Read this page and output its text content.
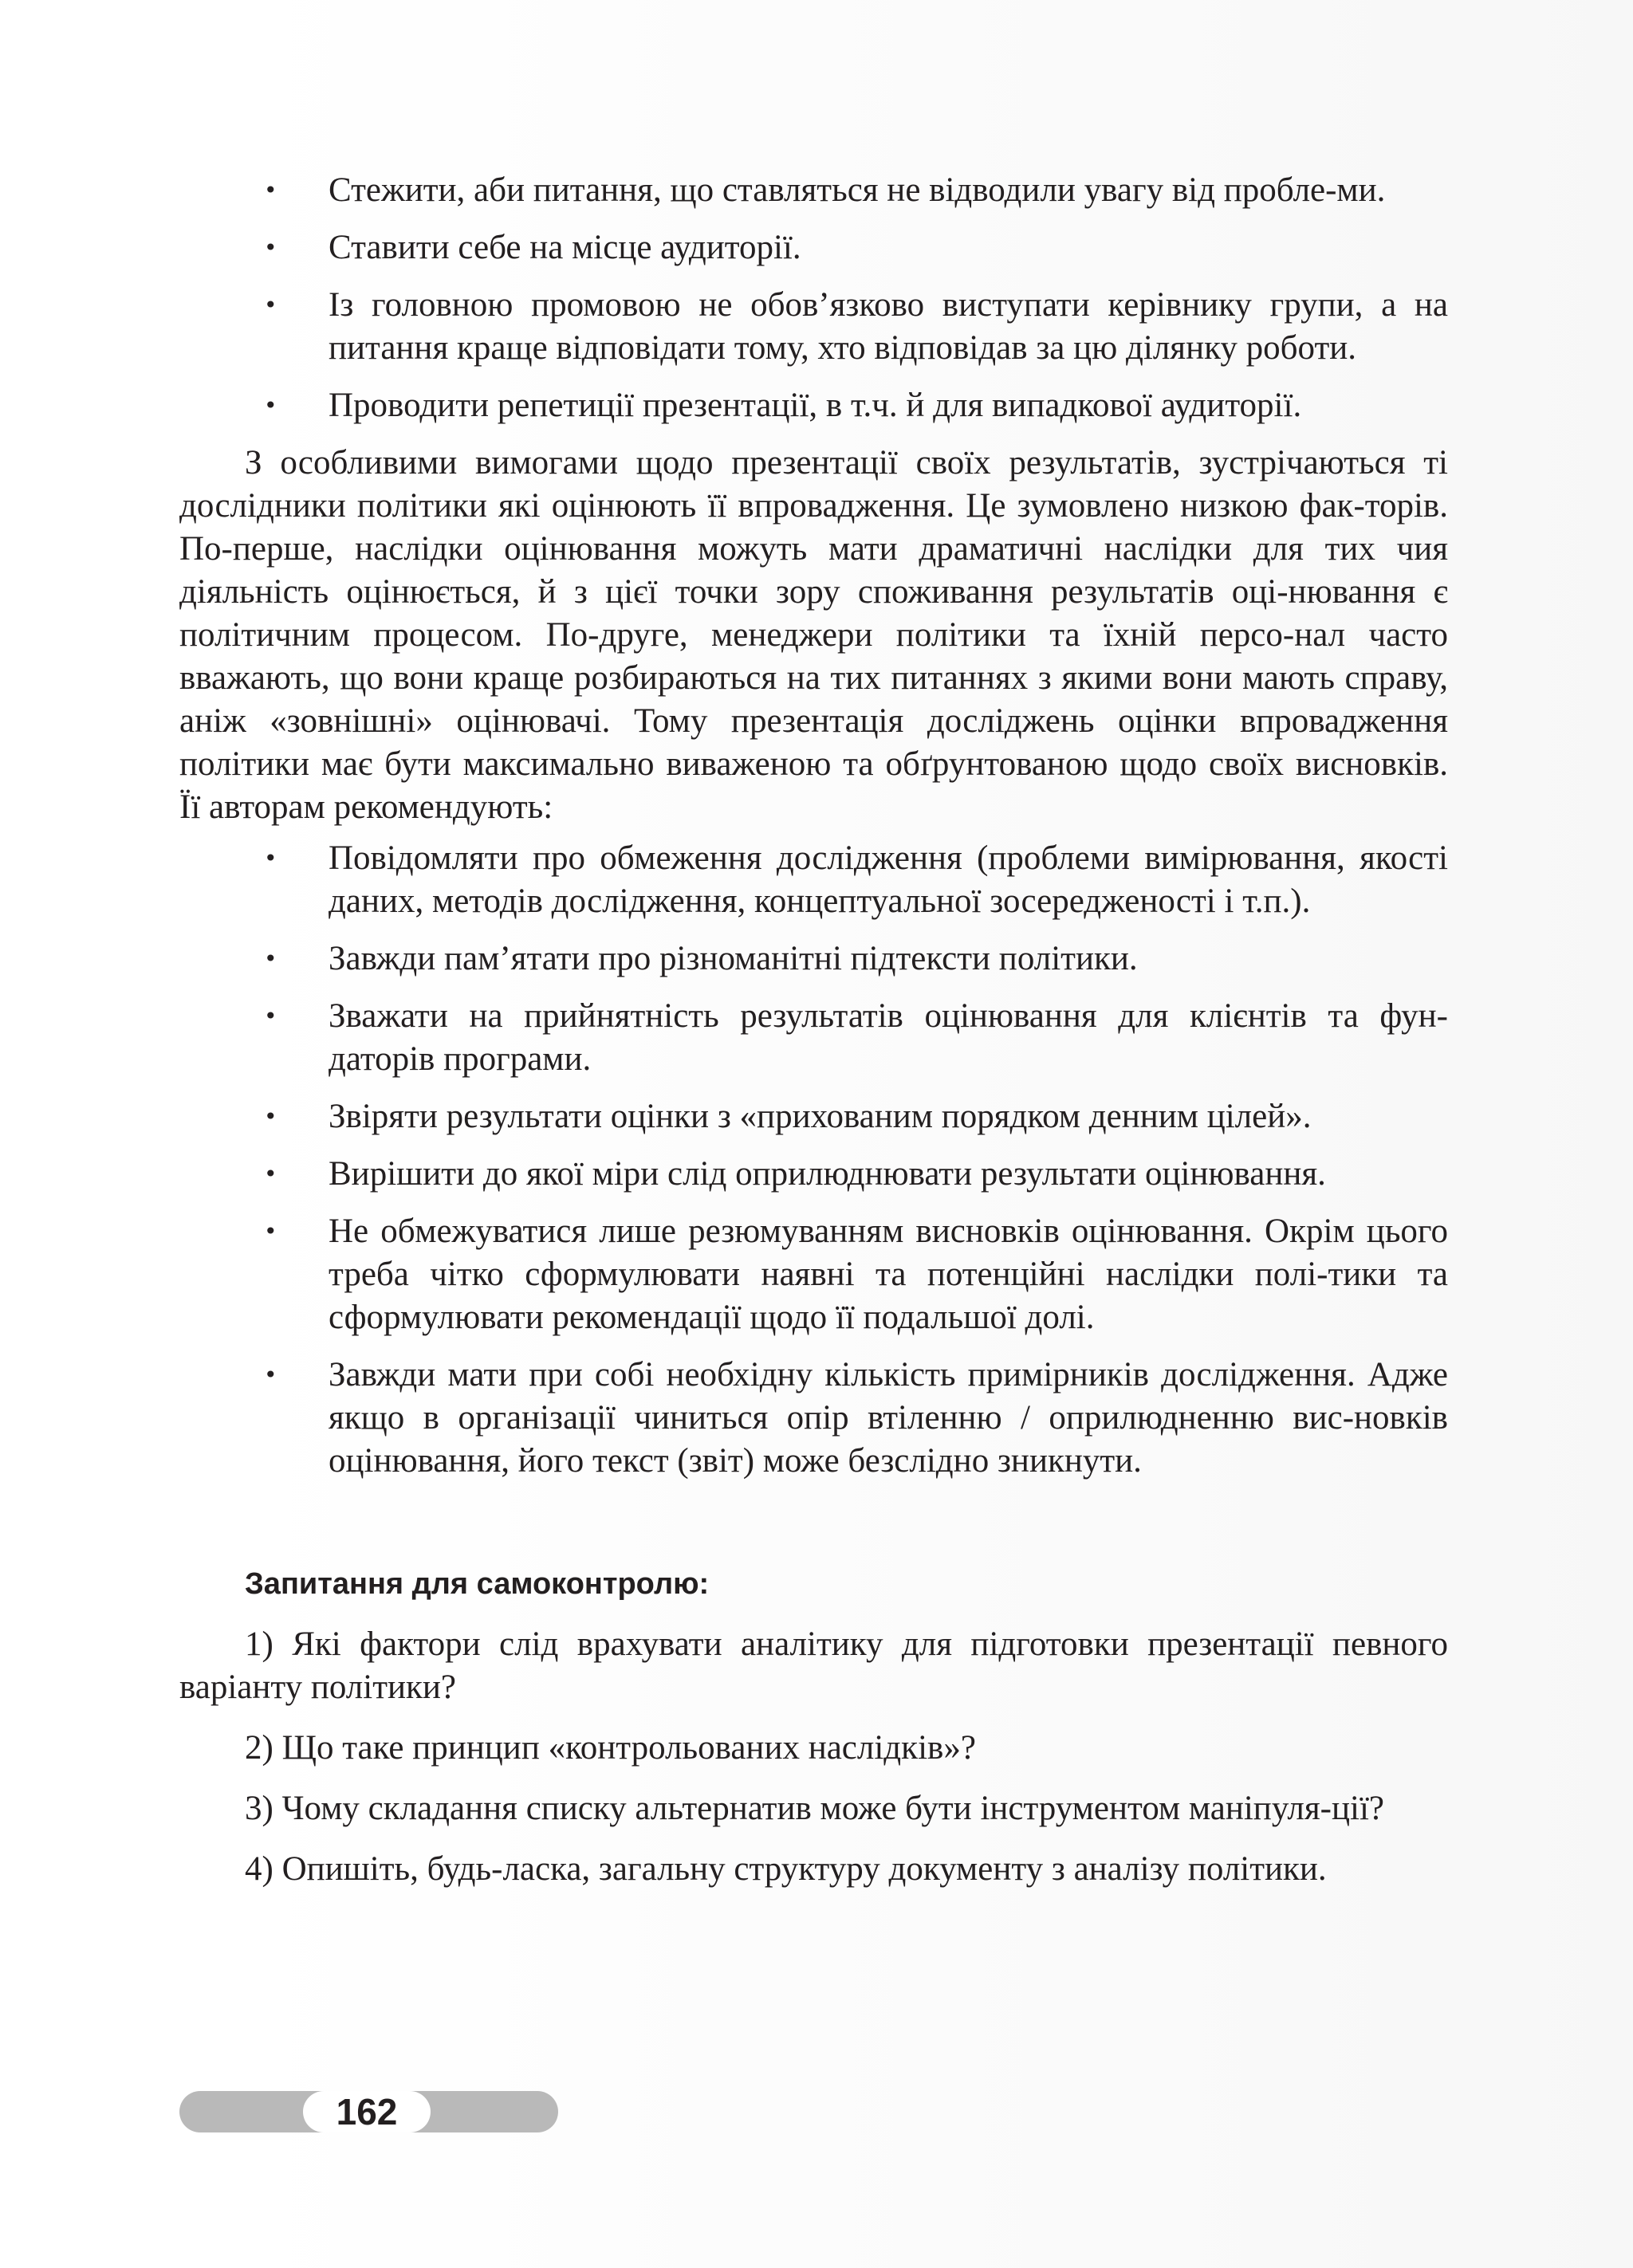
• Стежити, аби питання, що ставляться не відводили увагу від пробле-ми.
• Ставити себе на місце аудиторії.
• Із головною промовою не обов’язково виступати керівнику групи, а на питання краще відповідати тому, хто відповідав за цю ділянку роботи.
• Проводити репетиції презентації, в т.ч. й для випадкової аудиторії.

З особливими вимогами щодо презентації своїх результатів, зустрічаються ті дослідники політики які оцінюють її впровадження. Це зумовлено низкою фак-торів. По-перше, наслідки оцінювання можуть мати драматичні наслідки для тих чия діяльність оцінюється, й з цієї точки зору споживання результатів оці-нювання є політичним процесом. По-друге, менеджери політики та їхній персо-нал часто вважають, що вони краще розбираються на тих питаннях з якими вони мають справу, аніж «зовнішні» оцінювачі. Тому презентація досліджень оцінки впровадження політики має бути максимально виваженою та обґрунтованою щодо своїх висновків. Її авторам рекомендують:

• Повідомляти про обмеження дослідження (проблеми вимірювання, якості даних, методів дослідження, концептуальної зосередженості і т.п.).
• Завжди пам’ятати про різноманітні підтексти політики.
• Зважати на прийнятність результатів оцінювання для клієнтів та фун-даторів програми.
• Звіряти результати оцінки з «прихованим порядком денним цілей».
• Вирішити до якої міри слід оприлюднювати результати оцінювання.
• Не обмежуватися лише резюмуванням висновків оцінювання. Окрім цього треба чітко сформулювати наявні та потенційні наслідки полі-тики та сформулювати рекомендації щодо її подальшої долі.
• Завжди мати при собі необхідну кількість примірників дослідження. Адже якщо в організації чиниться опір втіленню / оприлюдненню вис-новків оцінювання, його текст (звіт) може безслідно зникнути.
Запитання для самоконтролю:
1) Які фактори слід врахувати аналітику для підготовки презентації певного варіанту політики?
2) Що таке принцип «контрольованих наслідків»?
3) Чому складання списку альтернатив може бути інструментом маніпуля-ції?
4) Опишіть, будь-ласка, загальну структуру документу з аналізу політики.
162
